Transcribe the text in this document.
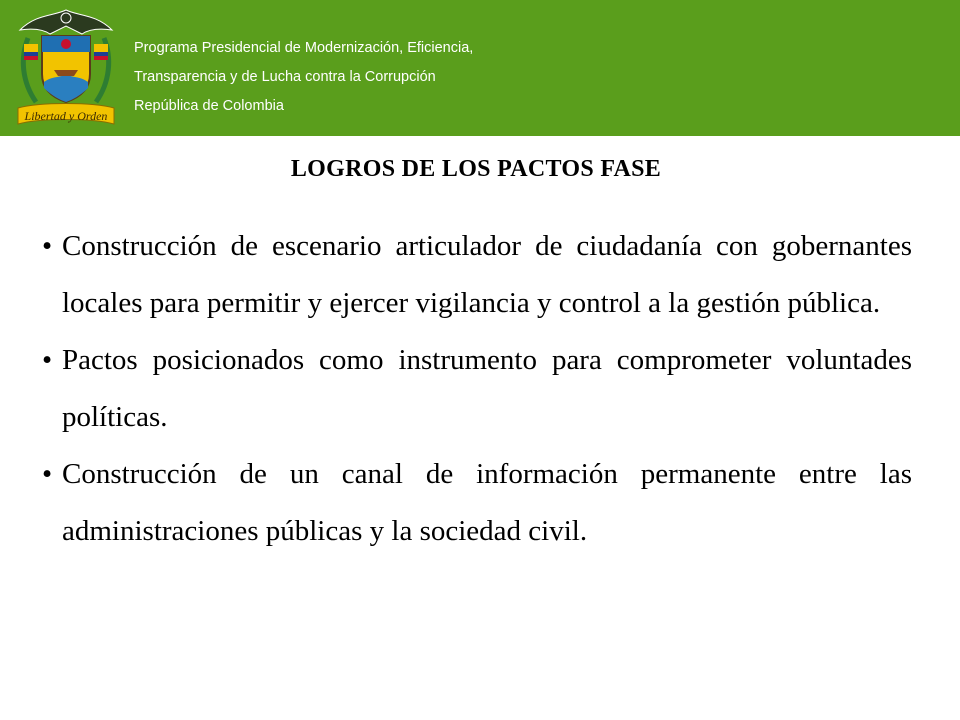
Libertad y Orden
Programa Presidencial de Modernización, Eficiencia,
Transparencia y de Lucha contra la Corrupción
República de Colombia
LOGROS DE LOS PACTOS FASE
• Construcción de escenario articulador de ciudadanía con gobernantes locales para permitir y ejercer vigilancia y control a la gestión pública.
• Pactos posicionados como instrumento para comprometer voluntades políticas.
• Construcción de un canal de información permanente entre las administraciones públicas y la sociedad civil.
